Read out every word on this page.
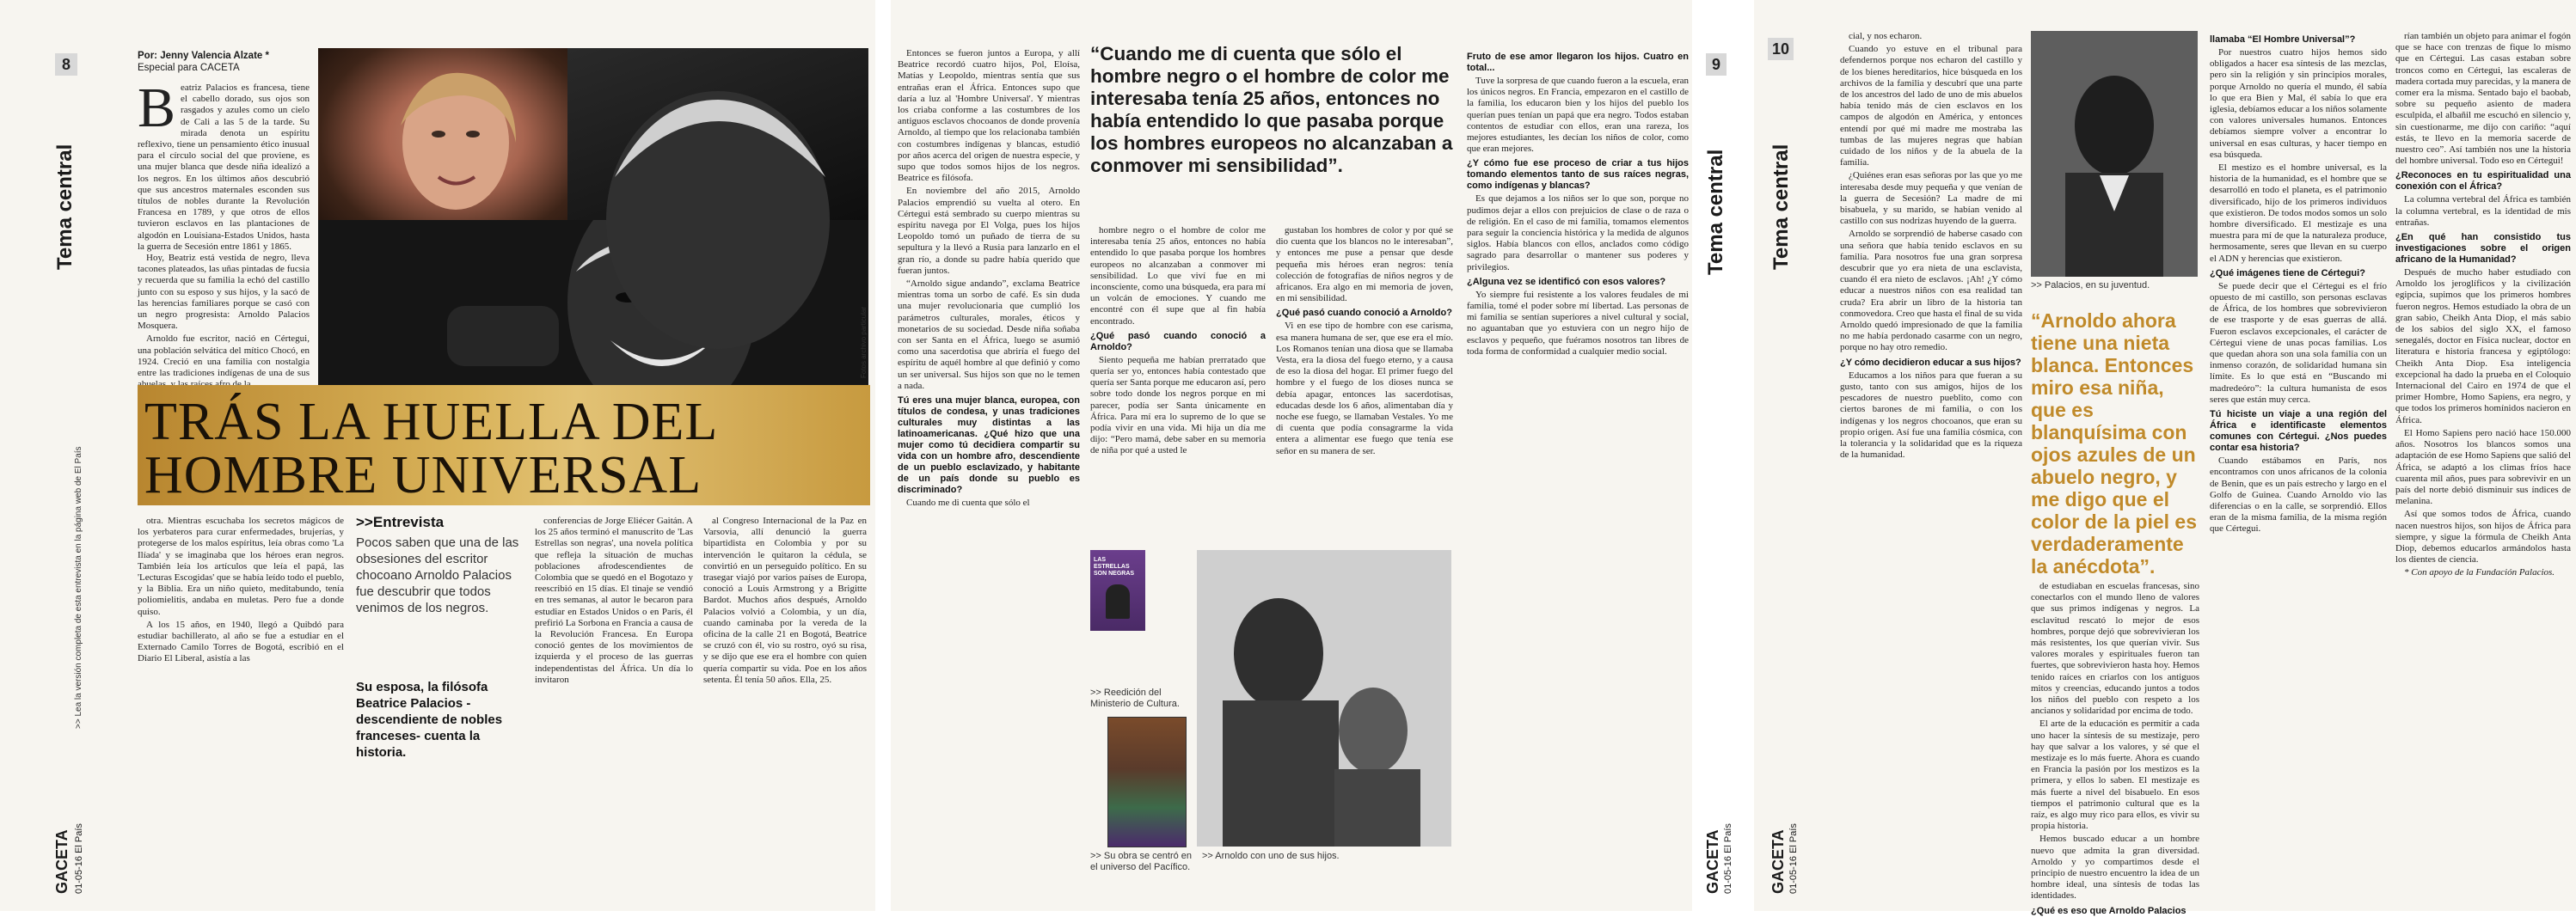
8
Tema central
>> Lea la versión completa de esta entrevista en la página web de El País
01-05-16 El País
GACETA
Por: Jenny Valencia Alzate *
Especial para CACETA
B eatriz Palacios es francesa, tiene el cabello dorado, sus ojos son rasgados y azules como un cielo de Cali a las 5 de la tarde. Su mirada denota un espíritu reflexivo, tiene un pensamiento ético inusual para el círculo social del que proviene, es una mujer blanca que desde niña idealizó a los negros. En los últimos años descubrió que sus ancestros maternales esconden sus títulos de nobles durante la Revolución Francesa en 1789, y que otros de ellos tuvieron esclavos en las plantaciones de algodón en Louisiana-Estados Unidos, hasta la guerra de Secesión entre 1861 y 1865.

Hoy, Beatriz está vestida de negro, lleva tacones plateados, las uñas pintadas de fucsia y recuerda que su familia la echó del castillo junto con su esposo y sus hijos, y la sacó de las herencias familiares porque se casó con un negro progresista: Arnoldo Palacios Mosquera.

Arnoldo fue escritor, nació en Cértegui, una población selvática del mítico Chocó, en 1924. Creció en una familia con nostalgia entre las tradiciones indígenas de una de sus	Fotos archivo particular
TRÁS LA HUELLA DEL
HOMBRE UNIVERSAL

otra. Mientras escuchaba los secretos mágicos de los yerbateros para curar enfermedades, brujerías, y protegerse de los malos espíritus, leía obras como 'La Ilíada' y se imaginaba que los héroes eran negros. También leía los artículos que leía el papá, las 'Lecturas Escogidas' que se había leído todo el pueblo, y la Biblia. Era un niño quieto, meditabundo, tenía poliomielitis, andaba en muletas. Pero fue a donde quiso.

A los 15 años, en 1940, llegó a Quibdó para estudiar bachillerato, al año se fue a estudiar en el Externado Camilo Torres de Bogotá, escribió en el Diario El Liberal, asistía a las

>>Entrevista
Pocos saben que una de las obsesiones del escritor chocoano Arnoldo Palacios fue descubrir que todos venimos de los negros.
Su esposa, la filósofa Beatrice Palacios - descendiente de nobles franceses- cuenta la historia.

conferencias de Jorge Eliécer Gaitán. A los 25 años terminó el manuscrito de 'Las Estrellas son negras', una novela política que refleja la situación de muchas poblaciones afrodescendientes de Colombia que se quedó en el Bogotazo y reescribió en 15 días. El tinaje se vendió en tres semanas, al autor le becaron para estudiar en Estados Unidos o en París, él prefirió La Sorbona en Francia a causa de la Revolución Francesa. En Europa conoció gentes de los movimientos de izquierda y el proceso de las guerras independentistas del África. Un día lo invitaron

al Congreso Internacional de la Paz en Varsovia, allí denunció la guerra bipartidista en Colombia y por su intervención le quitaron la cédula, se convirtió en un perseguido político. En su trasegar viajó por varios países de Europa, conoció a Louis Armstrong y a Brigitte Bardot. Muchos años después, Arnoldo Palacios volvió a Colombia, y un día, cuando caminaba por la vereda de la oficina de la calle 21 en Bogotá, Beatrice se cruzó con él, vio su rostro, oyó su risa, y se dijo que ese era el hombre con quien quería compartir su vida. Poe en los años setenta. Él tenía 50 años. Ella, 25.

Entonces se fueron juntos a Europa, y allí Beatrice recordó cuatro hijos, Pol, Eloísa, Matías y Leopoldo, mientras sentía que sus entrañas eran el África. Entonces supo que daría a luz al 'Hombre Universal'. Y mientras los criaba conforme a las costumbres de los antiguos esclavos chocoanos de donde provenía Arnoldo, al tiempo que los relacionaba también con costumbres indígenas y blancas, estudió por años acerca del origen de nuestra especie, y supo que todos somos hijos de los negros. Beatrice es filósofa.

En noviembre del año 2015, Arnoldo Palacios emprendió su vuelta al otero. En Cértegui está sembrado su cuerpo mientras su espíritu navega por El Volga, pues los hijos Leopoldo tomó un puñado de tierra de su sepultura y la llevó a Rusia para lanzarlo en el gran río, a donde su padre había querido que fueran juntos.

“Arnoldo sigue andando”, exclama Beatrice mientras toma un sorbo de café. Es sin duda una mujer revolucionaria que cumplió los parámetros culturales, morales, éticos y monetarios de su sociedad. Desde niña soñaba con ser Santa en el África, luego se asumió como una sacerdotisa que abriría el fuego del espíritu de aquél hombre al que definió y como un ser universal. Sus hijos son que no le temen a nada.

Tú eres una mujer blanca, europea, con títulos de condesa, y unas tradiciones culturales muy distintas a las latinoamericanas. ¿Qué hizo que una mujer como tú decidiera compartir su vida con un hombre afro, descendiente de un pueblo esclavizado, y habitante de un país donde su pueblo es discriminado?

Cuando me di cuenta que sólo el

“Cuando me di cuenta que sólo el hombre negro o el hombre de color me interesaba tenía 25 años, entonces no había entendido lo que pasaba porque los hombres europeos no alcanzaban a conmover mi sensibilidad”.

hombre negro o el hombre de color me interesaba tenía 25 años, entonces no había entendido lo que pasaba porque los hombres europeos no alcanzaban a conmover mi sensibilidad. Lo que viví fue en mi inconsciente, como una búsqueda, era para mí un volcán de emociones. Y cuando me encontré con él supe que al fin había encontrado.

¿Qué pasó cuando conoció a Arnoldo?

Siento pequeña me habían prerratado que quería ser yo, entonces había contestado que quería ser Santa porque me educaron así, pero sobre todo donde los negros porque en mi parecer, podía ser Santa únicamente en África. Para mí era lo supremo de lo que se podía vivir en una vida. Mi hija un día me dijo: “Pero mamá, debe saber en su memoria de niña por qué a usted le

gustaban los hombres de color y por qué se dio cuenta que los blancos no le interesaban”, y entonces me puse a pensar que desde pequeña mis héroes eran negros: tenía colección de fotografías de niños negros y de africanos. Era algo en mi memoria de joven, en mi sensibilidad.

¿Qué pasó cuando conoció a Arnoldo?

Vi en ese tipo de hombre con ese carisma, esa manera humana de ser, que ese era el mío. Los Romanos tenían una diosa que se llamaba Vesta, era la diosa del fuego eterno, y a causa de eso la diosa del hogar. El primer fuego del hombre y el fuego de los dioses nunca se debía apagar, entonces las sacerdotisas, educadas desde los 6 años, alimentaban día y noche ese fuego, se llamaban Vestales. Yo me di cuenta que podía consagrarme la vida entera a alimentar ese fuego que tenía ese señor en su manera de ser.

LAS ESTRELLAS SON NEGRAS
>> Reedición del Ministerio de Cultura.
>> Su obra se centró en el universo del Pacífico.
>> Arnoldo con uno de sus hijos.
Fruto de ese amor llegaron los hijos. Cuatro en total...

Tuve la sorpresa de que cuando fueron a la escuela, eran los únicos negros. En Francia, empezaron en el castillo de la familia, los educaron bien y los hijos del pueblo los querían pues tenían un papá que era negro. Todos estaban contentos de estudiar con ellos, eran una rareza, los mejores estudiantes, les decían los niños de color, como que eran mejores.

¿Y cómo fue ese proceso de criar a tus hijos tomando elementos tanto de sus raíces negras, como indígenas y blancas?

Es que dejamos a los niños ser lo que son, porque no pudimos dejar a ellos con prejuicios de clase o de raza o de religión. En el caso de mi familia, tomamos elementos para seguir la conciencia histórica y la medida de algunos siglos. Había blancos con ellos, anclados como código sagrado para desarrollar o mantener sus poderes y privilegios.

¿Alguna vez se identificó con esos valores?

Yo siempre fui resistente a los valores feudales de mi familia, tomé el poder sobre mí libertad. Las personas de mi familia se sentían superiores a nivel cultural y social, no aguantaban que yo estuviera con un negro hijo de esclavos y pequeño, que fuéramos nosotros tan libres de toda forma de conformidad a cualquier medio social.

9
Tema central
01-05-16 El País
GACETA
10
Tema central
01-05-16 El País
GACETA

cial, y nos echaron.

Cuando yo estuve en el tribunal para defendernos porque nos echaron del castillo y de los bienes hereditarios, hice búsqueda en los archivos de la familia y descubrí que una parte de los ancestros del lado de uno de mis abuelos había tenido más de cien esclavos en los campos de algodón en América, y entonces entendí por qué mi madre me mostraba las tumbas de las mujeres negras que habían cuidado de los niños y de la abuela de la familia.

¿Quiénes eran esas señoras por las que yo me interesaba desde muy pequeña y que venían de la guerra de Secesión? La madre de mi bisabuela, y su marido, se habían venido al castillo con sus nodrizas huyendo de la guerra.

Arnoldo se sorprendió de haberse casado con una señora que había tenido esclavos en su familia. Para nosotros fue una gran sorpresa descubrir que yo era nieta de una esclavista, cuando él era nieto de esclavos. ¡Ah! ¿Y cómo educar a nuestros niños con esa realidad tan cruda? Era abrir un libro de la historia tan conmovedora. Creo que hasta el final de su vida Arnoldo quedó impresionado de que la familia no me había perdonado casarme con un negro, porque no hay otro remedio.

¿Y cómo decidieron educar a sus hijos?

Educamos a los niños para que fueran a su gusto, tanto con sus amigos, hijos de los pescadores de nuestro pueblito, como con ciertos barones de mi familia, o con los indígenas y los negros chocoanos, que eran su propio origen. Así fue una familia cósmica, con la tolerancia y la solidaridad que es la riqueza de la humanidad.

>> Palacios, en su juventud.
“Arnoldo ahora tiene una nieta blanca. Entonces miro esa niña, que es blanquísima con ojos azules de un abuelo negro, y me digo que el color de la piel es verdaderamente la anécdota”.

de estudiaban en escuelas francesas, sino conectarlos con el mundo lleno de valores que sus primos indígenas y negros. La esclavitud rescató lo mejor de esos hombres, porque dejó que sobrevivieran los más resistentes, los que querían vivir. Sus valores morales y espirituales fueron tan fuertes, que sobrevivieron hasta hoy. Hemos tenido raíces en criarlos con los antiguos mitos y creencias, educando juntos a todos los niños del pueblo con respeto a los ancianos y solidaridad por encima de todo.

El arte de la educación es permitir a cada uno hacer la síntesis de su mestizaje, pero hay que salvar a los valores, y sé que el mestizaje es lo más fuerte. Ahora es cuando en Francia la pasión por los mestizos es la primera, y ellos lo saben. El mestizaje es más fuerte a nivel del bisabuelo. En esos tiempos el patrimonio cultural que es la raíz, es algo muy rico para ellos, es vivir su propia historia.

Hemos buscado educar a un hombre nuevo que admita la gran diversidad. Arnoldo y yo compartimos desde el principio de nuestro encuentro la idea de un hombre ideal, una síntesis de todas las identidades.

¿Qué es eso que Arnoldo Palacios
llamaba “El Hombre Universal”?

Por nuestros cuatro hijos hemos sido obligados a hacer esa síntesis de las mezclas, pero sin la religión y sin principios morales, porque Arnoldo no quería el mundo, él sabía lo que era Bien y Mal, él sabía lo que era iglesia, debíamos educar a los niños solamente con valores universales humanos. Entonces debíamos siempre volver a encontrar lo universal en esas culturas, y hacer tiempo en esa búsqueda.

El mestizo es el hombre universal, es la historia de la humanidad, es el hombre que se desarrolló en todo el planeta, es el patrimonio diversificado, hijo de los primeros individuos que existieron. De todos modos somos un solo hombre diversificado. El mestizaje es una muestra para mí de que la naturaleza produce, hermosamente, seres que llevan en su cuerpo el ADN y herencias que existieron.

¿Qué imágenes tiene de Cértegui?

Se puede decir que el Cértegui es el frío opuesto de mi castillo, son personas esclavas de África, de los hombres que sobrevivieron de ese trasporte y de esas guerras de allá. Fueron esclavos excepcionales, el carácter de Cértegui viene de unas pocas familias. Los que quedan ahora son una sola familia con un inmenso corazón, de solidaridad humana sin límite. Es lo que está en “Buscando mi madredeóro”: la cultura humanista de esos seres que están muy cerca.

Tú hiciste un viaje a una región del África e identificaste elementos comunes con Cértegui. ¿Nos puedes contar esa historia?

Cuando estábamos en París, nos encontramos con unos africanos de la colonia de Benin, que es un país estrecho y largo en el Golfo de Guinea. Cuando Arnoldo vio las diferencias o en la calle, se sorprendió. Ellos eran de la misma familia, de la misma región que Cértegui.

rían también un objeto para animar el fogón que se hace con trenzas de fique lo mismo que en Cértegui. Las casas estaban sobre troncos como en Cértegui, las escaleras de madera cortada muy parecidas, y la manera de comer era la misma. Sentado bajo el baobab, sobre su pequeño asiento de madera esculpida, el albañil me escuchó en silencio y, sin cuestionarme, me dijo con cariño: “aquí estás, te llevo en la memoria sacerde de nuestro ceo”. Así también nos une la historia del hombre universal. Todo eso en Cértegui!

¿Reconoces en tu espiritualidad una conexión con el África?

La columna vertebral del África es también la columna vertebral, es la identidad de mis entrañas.

¿En qué han consistido tus investigaciones sobre el origen africano de la Humanidad?

Después de mucho haber estudiado con Arnoldo los jeroglíficos y la civilización egipcia, supimos que los primeros hombres fueron negros. Hemos estudiado la obra de un gran sabio, Cheikh Anta Diop, el más sabio de los sabios del siglo XX, el famoso senegalés, doctor en Física nuclear, doctor en literatura e historia francesa y egiptólogo: Cheikh Anta Diop. Esa inteligencia excepcional ha dado la prueba en el Coloquio Internacional del Cairo en 1974 de que el primer Hombre, Homo Sapiens, era negro, y que todos los primeros homínidos nacieron en África.

El Homo Sapiens pero nació hace 150.000 años. Nosotros los blancos somos una adaptación de ese Homo Sapiens que salió del África, se adaptó a los climas fríos hace cuarenta mil años, pues para sobrevivir en un país del norte debió disminuir sus índices de melanina.

Así que somos todos de África, cuando nacen nuestros hijos, son hijos de África para siempre, y sigue la fórmula de Cheikh Anta Diop, debemos educarlos armándolos hasta los dientes de ciencia.

* Con apoyo de la Fundación Palacios.
